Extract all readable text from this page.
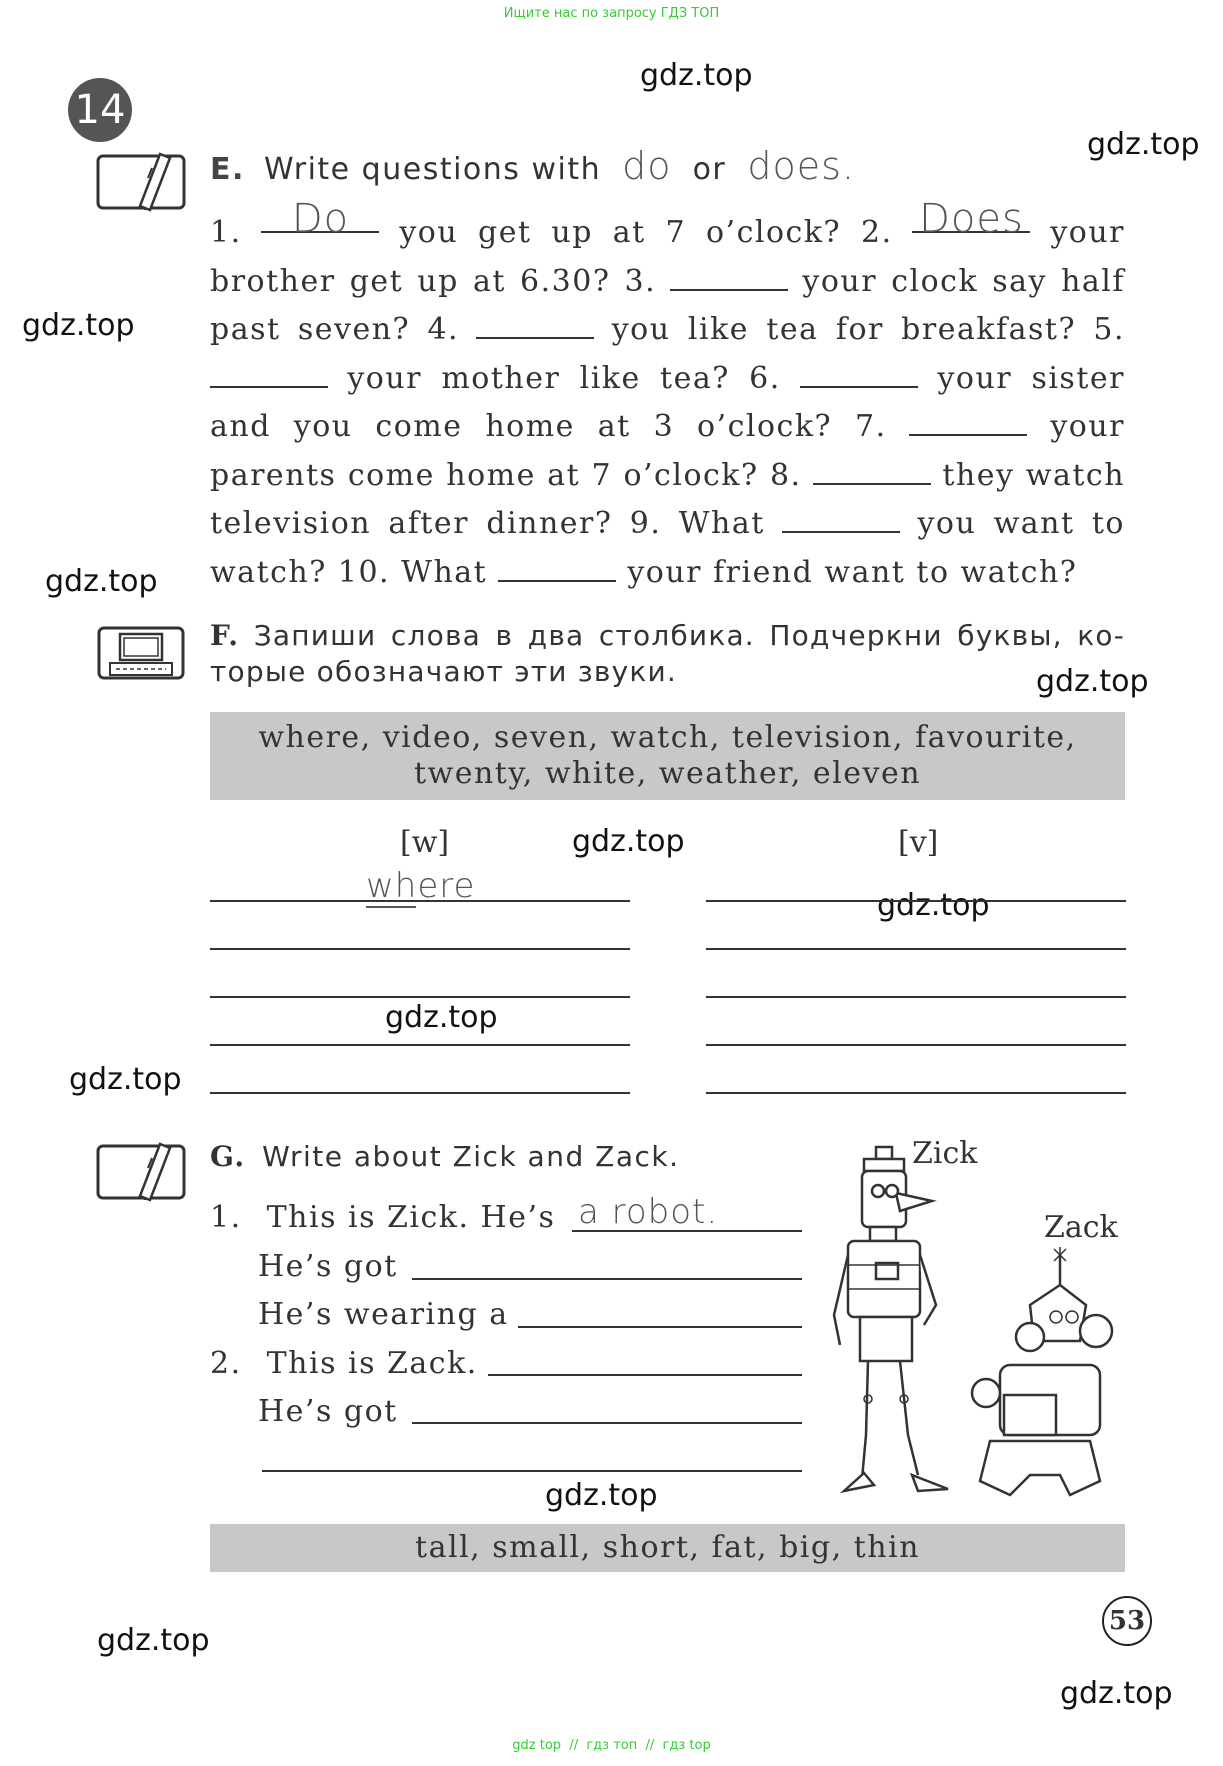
Ищите нас по запросу ГДЗ ТОП
14
gdz.top
gdz.top
gdz.top
gdz.top
gdz.top
gdz.top
gdz.top
gdz.top
gdz.top
gdz.top
gdz.top
gdz.top
E. Write questions with do or does.
1. Do you get up at 7 o’clock? 2. Does your brother get up at 6.30? 3.	your clock say half past seven? 4.	you like tea for breakfast? 5.  your mother like tea? 6.	your sister and you come home at 3 o’clock? 7.	your parents come home at 7 o’clock? 8.	they watch television after dinner? 9. What	you want to watch? 10. What	your friend want to watch?
F. Запиши слова в два столбика. Подчеркни буквы, ко-
торые обозначают эти звуки.
where, video, seven, watch, television, favourite,
twenty, white, weather, eleven
[w]	[v]
where
G. Write about Zick and Zack.
1. This is Zick. He’s a robot.
He’s got
He’s wearing a
2. This is Zack.
He’s got
Zick
Zack
tall, small, short, fat, big, thin
53
gdz top  //  гдз топ  //  гдз top
